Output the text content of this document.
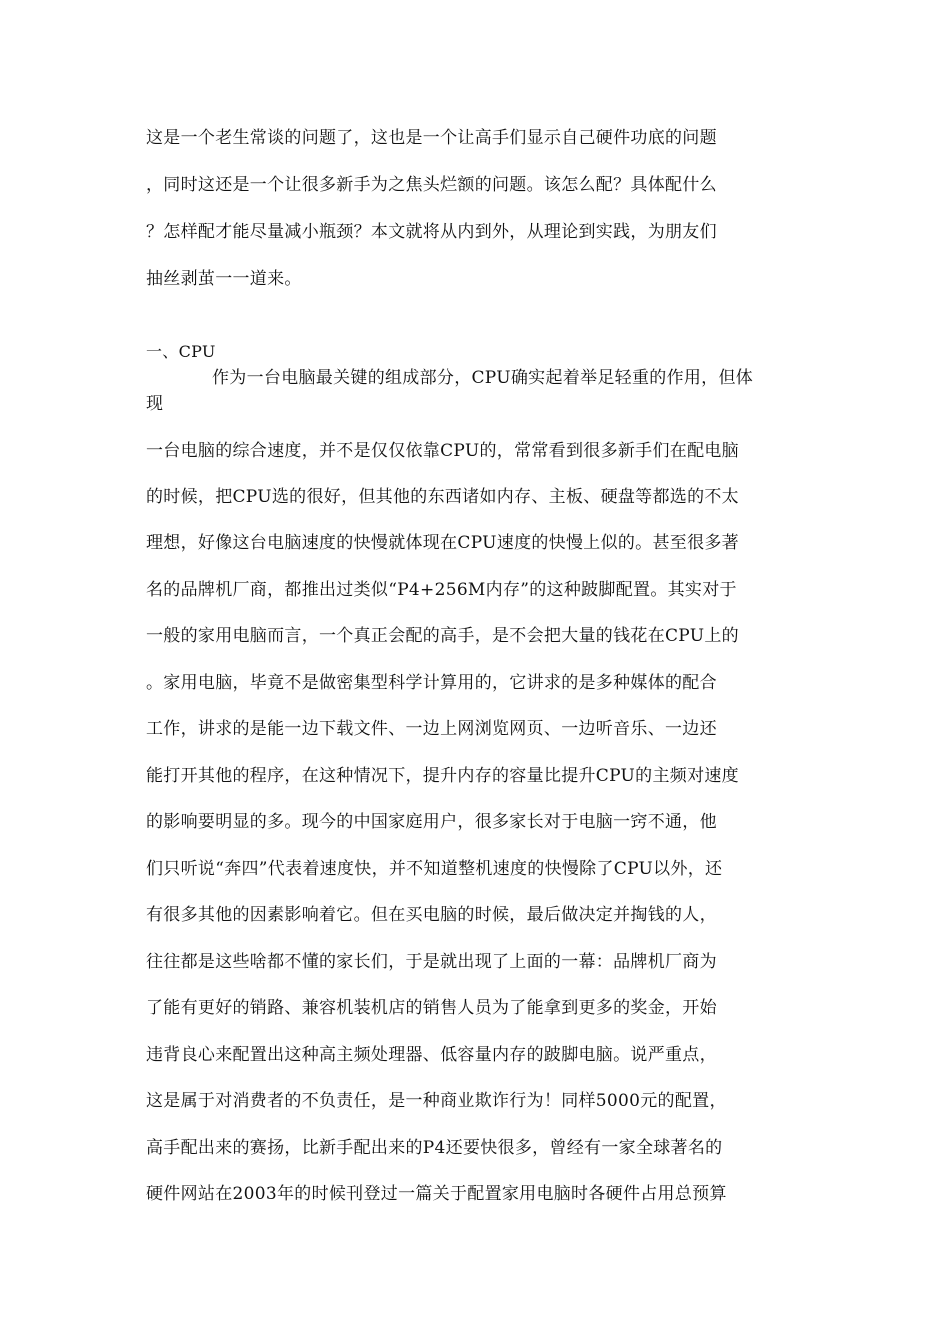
这是一个老生常谈的问题了，这也是一个让高手们显示自己硬件功底的问题
，同时这还是一个让很多新手为之焦头烂额的问题。该怎么配？具体配什么
？怎样配才能尽量减小瓶颈？本文就将从内到外，从理论到实践，为朋友们
抽丝剥茧一一道来。
一、CPU
作为一台电脑最关键的组成部分，CPU确实起着举足轻重的作用，但体
现
一台电脑的综合速度，并不是仅仅依靠CPU的，常常看到很多新手们在配电脑
的时候，把CPU选的很好，但其他的东西诸如内存、主板、硬盘等都选的不太
理想，好像这台电脑速度的快慢就体现在CPU速度的快慢上似的。甚至很多著
名的品牌机厂商，都推出过类似“P4+256M内存”的这种跛脚配置。其实对于
一般的家用电脑而言，一个真正会配的高手，是不会把大量的钱花在CPU上的
。家用电脑，毕竟不是做密集型科学计算用的，它讲求的是多种媒体的配合
工作，讲求的是能一边下载文件、一边上网浏览网页、一边听音乐、一边还
能打开其他的程序，在这种情况下，提升内存的容量比提升CPU的主频对速度
的影响要明显的多。现今的中国家庭用户，很多家长对于电脑一窍不通，他
们只听说“奔四”代表着速度快，并不知道整机速度的快慢除了CPU以外，还
有很多其他的因素影响着它。但在买电脑的时候，最后做决定并掏钱的人，
往往都是这些啥都不懂的家长们，于是就出现了上面的一幕：品牌机厂商为
了能有更好的销路、兼容机装机店的销售人员为了能拿到更多的奖金，开始
违背良心来配置出这种高主频处理器、低容量内存的跛脚电脑。说严重点，
这是属于对消费者的不负责任，是一种商业欺诈行为！同样5000元的配置，
高手配出来的赛扬，比新手配出来的P4还要快很多，曾经有一家全球著名的
硬件网站在2003年的时候刊登过一篇关于配置家用电脑时各硬件占用总预算
